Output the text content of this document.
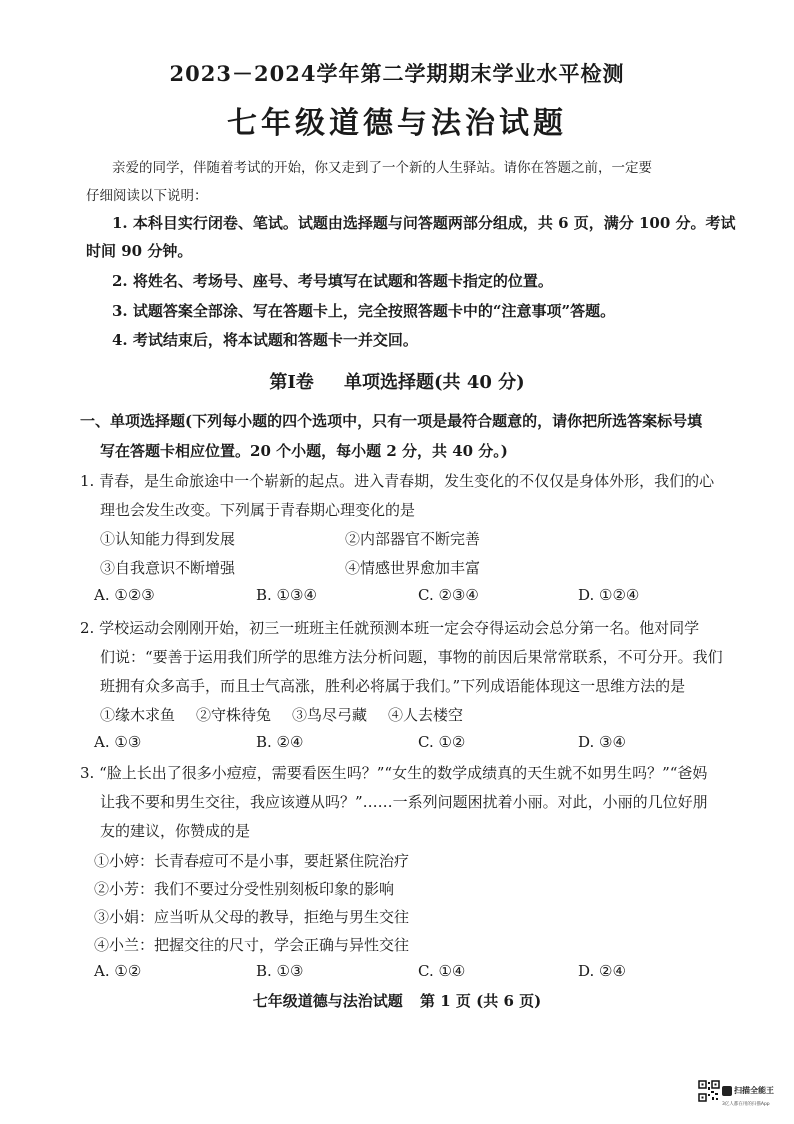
2023－2024学年第二学期期末学业水平检测
七年级道德与法治试题
亲爱的同学，伴随着考试的开始，你又走到了一个新的人生驿站。请你在答题之前，一定要
仔细阅读以下说明：
1. 本科目实行闭卷、笔试。试题由选择题与问答题两部分组成，共 6 页，满分 100 分。考试
时间 90 分钟。
2. 将姓名、考场号、座号、考号填写在试题和答题卡指定的位置。
3. 试题答案全部涂、写在答题卡上，完全按照答题卡中的“注意事项”答题。
4. 考试结束后，将本试题和答题卡一并交回。
第Ⅰ卷 单项选择题(共 40 分)
一、单项选择题(下列每小题的四个选项中，只有一项是最符合题意的，请你把所选答案标号填
写在答题卡相应位置。20 个小题，每小题 2 分，共 40 分。)
1. 青春，是生命旅途中一个崭新的起点。进入青春期，发生变化的不仅仅是身体外形，我们的心
理也会发生改变。下列属于青春期心理变化的是
①认知能力得到发展	②内部器官不断完善
③自我意识不断增强	④情感世界愈加丰富
A. ①②③	B. ①③④	C. ②③④	D. ①②④
2. 学校运动会刚刚开始，初三一班班主任就预测本班一定会夺得运动会总分第一名。他对同学
们说：“要善于运用我们所学的思维方法分析问题，事物的前因后果常常联系，不可分开。我们
班拥有众多高手，而且士气高涨，胜利必将属于我们。”下列成语能体现这一思维方法的是
①缘木求鱼 ②守株待兔 ③鸟尽弓藏 ④人去楼空
A. ①③	B. ②④	C. ①②	D. ③④
3. “脸上长出了很多小痘痘，需要看医生吗？”“女生的数学成绩真的天生就不如男生吗？”“爸妈
让我不要和男生交往，我应该遵从吗？”……一系列问题困扰着小丽。对此，小丽的几位好朋
友的建议，你赞成的是
①小婷：长青春痘可不是小事，要赶紧住院治疗
②小芳：我们不要过分受性别刻板印象的影响
③小娟：应当听从父母的教导，拒绝与男生交往
④小兰：把握交往的尺寸，学会正确与异性交往
A. ①②	B. ①③	C. ①④	D. ②④
七年级道德与法治试题 第 1 页 (共 6 页)
扫描全能王
3亿人都在用的扫描App
